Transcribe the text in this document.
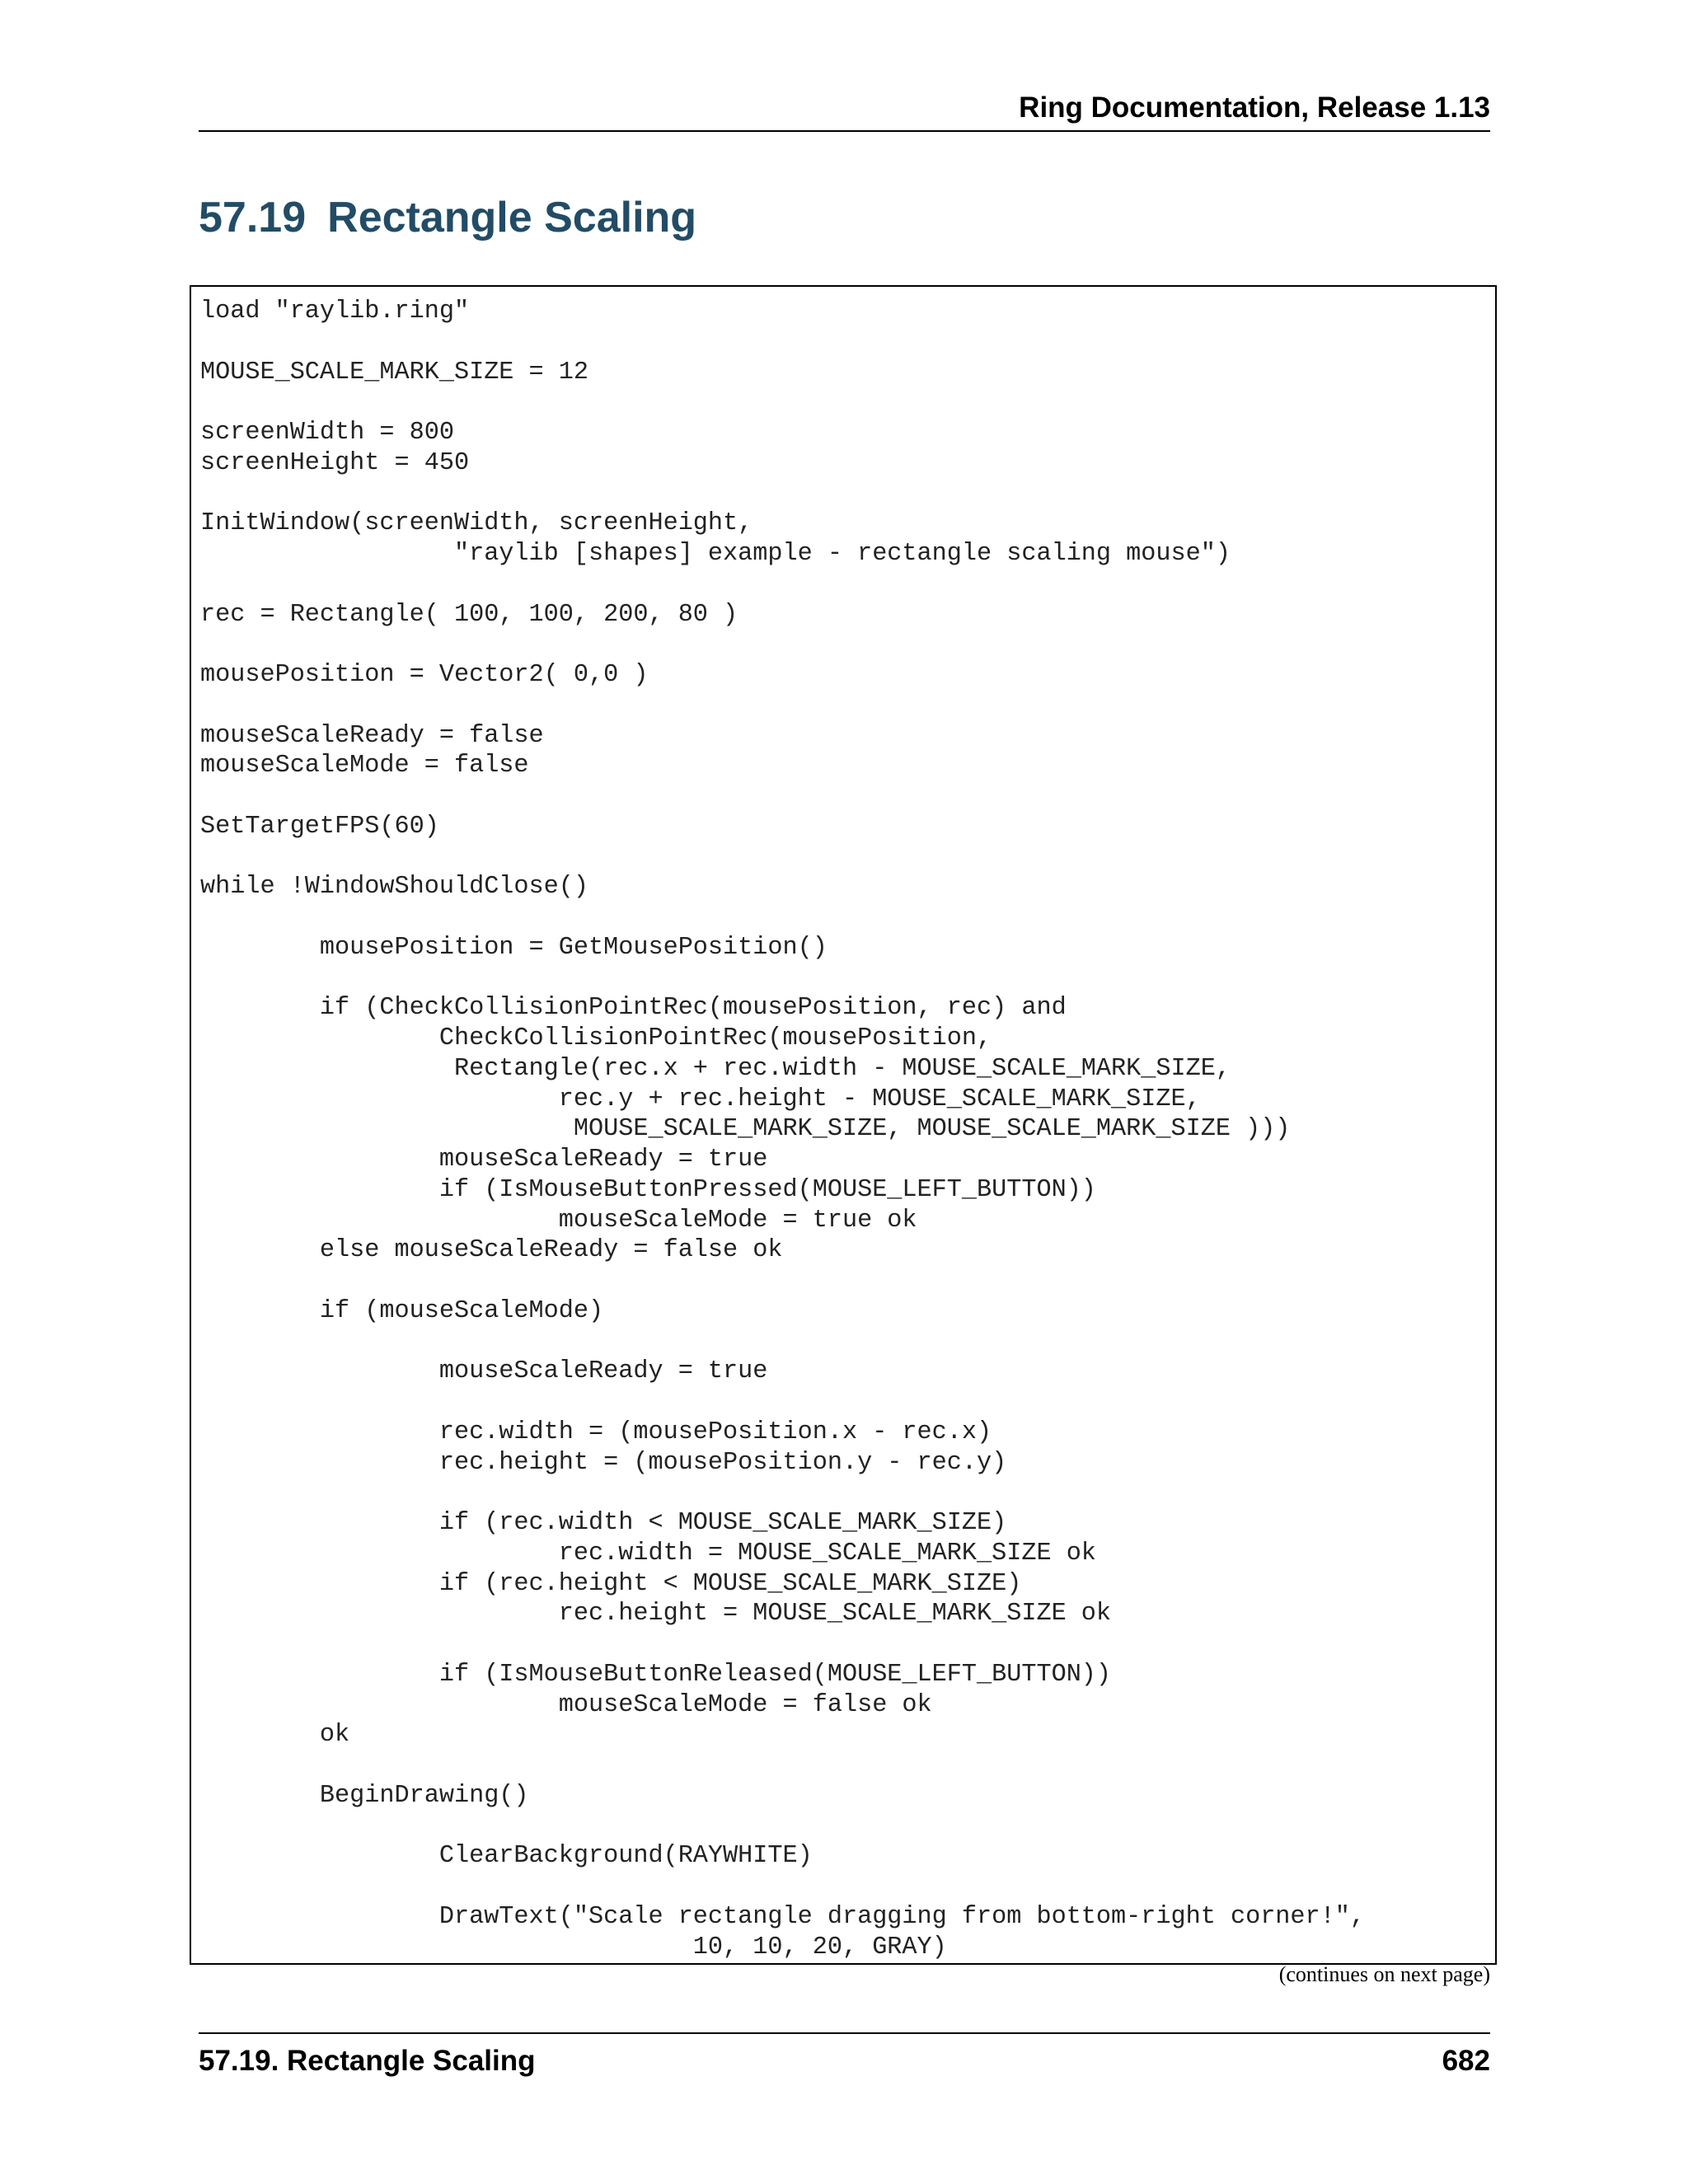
Ring Documentation, Release 1.13
57.19 Rectangle Scaling
load "raylib.ring"
MOUSE_SCALE_MARK_SIZE = 12
screenWidth = 800
screenHeight = 450
InitWindow(screenWidth, screenHeight,
"raylib [shapes] example - rectangle scaling mouse")
rec = Rectangle( 100, 100, 200, 80 )
mousePosition = Vector2( 0,0 )
mouseScaleReady = false
mouseScaleMode = false
SetTargetFPS(60)
while !WindowShouldClose()
mousePosition = GetMousePosition()
if (CheckCollisionPointRec(mousePosition, rec) and
CheckCollisionPointRec(mousePosition,
Rectangle(rec.x + rec.width - MOUSE_SCALE_MARK_SIZE,
rec.y + rec.height - MOUSE_SCALE_MARK_SIZE,
MOUSE_SCALE_MARK_SIZE, MOUSE_SCALE_MARK_SIZE )))
mouseScaleReady = true
if (IsMouseButtonPressed(MOUSE_LEFT_BUTTON))
mouseScaleMode = true ok
else mouseScaleReady = false ok
if (mouseScaleMode)
mouseScaleReady = true
rec.width = (mousePosition.x - rec.x)
rec.height = (mousePosition.y - rec.y)
if (rec.width < MOUSE_SCALE_MARK_SIZE)
rec.width = MOUSE_SCALE_MARK_SIZE ok
if (rec.height < MOUSE_SCALE_MARK_SIZE)
rec.height = MOUSE_SCALE_MARK_SIZE ok
if (IsMouseButtonReleased(MOUSE_LEFT_BUTTON))
mouseScaleMode = false ok
ok
BeginDrawing()
ClearBackground(RAYWHITE)
DrawText("Scale rectangle dragging from bottom-right corner!",
10, 10, 20, GRAY)
(continues on next page)
57.19. Rectangle Scaling	682
